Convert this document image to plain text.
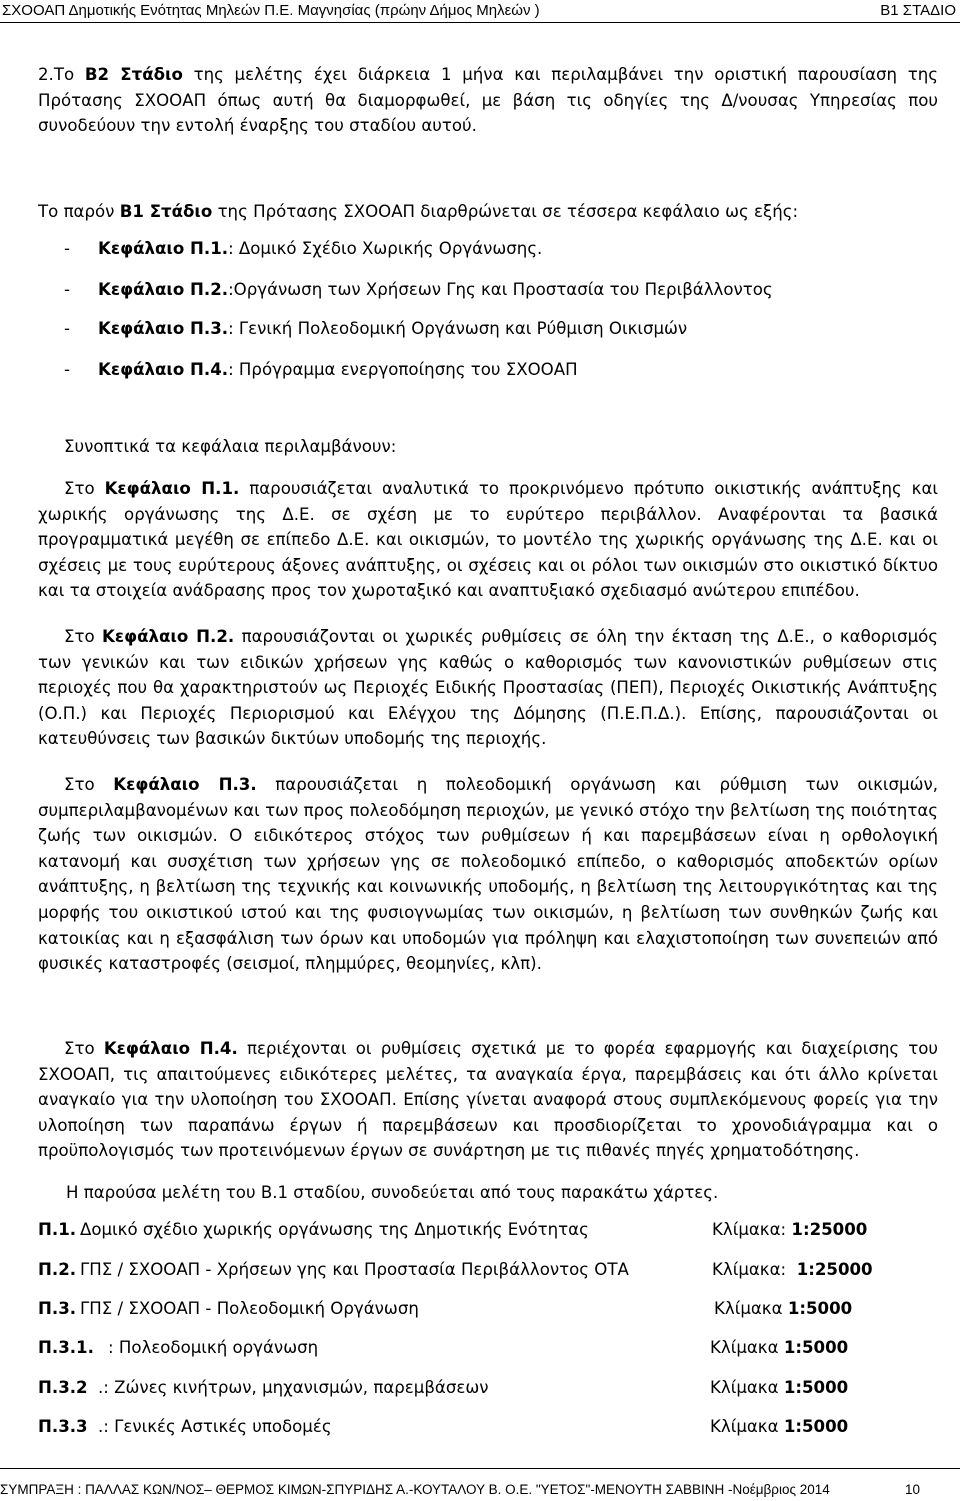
ΣΧΟΟΑΠ Δημοτικής Ενότητας Μηλεών Π.Ε. Μαγνησίας (πρώην Δήμος Μηλεών )	Β1 ΣΤΑΔΙΟ

2.Το Β2 Στάδιο της μελέτης έχει διάρκεια 1 μήνα και περιλαμβάνει την οριστική παρουσίαση της Πρότασης ΣΧΟΟΑΠ όπως αυτή θα διαμορφωθεί, με βάση τις οδηγίες της Δ/νουσας Υπηρεσίας που συνοδεύουν την εντολή έναρξης του σταδίου αυτού.

Το παρόν Β1 Στάδιο της Πρότασης ΣΧΟΟΑΠ διαρθρώνεται σε τέσσερα κεφάλαιο ως εξής:
- Κεφάλαιο Π.1.: Δομικό Σχέδιο Χωρικής Οργάνωσης.
- Κεφάλαιο Π.2.:Οργάνωση των Χρήσεων Γης και Προστασία του Περιβάλλοντος
- Κεφάλαιο Π.3.: Γενική Πολεοδομική Οργάνωση και Ρύθμιση Οικισμών
- Κεφάλαιο Π.4.: Πρόγραμμα ενεργοποίησης του ΣΧΟΟΑΠ
Συνοπτικά τα κεφάλαια περιλαμβάνουν:

Στο Κεφάλαιο Π.1. παρουσιάζεται αναλυτικά το προκρινόμενο πρότυπο οικιστικής ανάπτυξης και χωρικής οργάνωσης της Δ.Ε. σε σχέση με το ευρύτερο περιβάλλον. Αναφέρονται τα βασικά προγραμματικά μεγέθη σε επίπεδο Δ.Ε. και οικισμών, το μοντέλο της χωρικής οργάνωσης της Δ.Ε. και οι σχέσεις με τους ευρύτερους άξονες ανάπτυξης, οι σχέσεις και οι ρόλοι των οικισμών στο οικιστικό δίκτυο και τα στοιχεία ανάδρασης προς τον χωροταξικό και αναπτυξιακό σχεδιασμό ανώτερου επιπέδου.

Στο Κεφάλαιο Π.2. παρουσιάζονται οι χωρικές ρυθμίσεις σε όλη την έκταση της Δ.Ε., ο καθορισμός των γενικών και των ειδικών χρήσεων γης καθώς ο καθορισμός των κανονιστικών ρυθμίσεων στις περιοχές που θα χαρακτηριστούν ως Περιοχές Ειδικής Προστασίας (ΠΕΠ), Περιοχές Οικιστικής Ανάπτυξης (Ο.Π.) και Περιοχές Περιορισμού και Ελέγχου της Δόμησης (Π.Ε.Π.Δ.). Επίσης, παρουσιάζονται οι κατευθύνσεις των βασικών δικτύων υποδομής της περιοχής.

Στο Κεφάλαιο Π.3. παρουσιάζεται η πολεοδομική οργάνωση και ρύθμιση των οικισμών, συμπεριλαμβανομένων και των προς πολεοδόμηση περιοχών, με γενικό στόχο την βελτίωση της ποιότητας ζωής των οικισμών. Ο ειδικότερος στόχος των ρυθμίσεων ή και παρεμβάσεων είναι η ορθολογική κατανομή και συσχέτιση των χρήσεων γης σε πολεοδομικό επίπεδο, ο καθορισμός αποδεκτών ορίων ανάπτυξης, η βελτίωση της τεχνικής και κοινωνικής υποδομής, η βελτίωση της λειτουργικότητας και της μορφής του οικιστικού ιστού και της φυσιογνωμίας των οικισμών, η βελτίωση των συνθηκών ζωής και κατοικίας και η εξασφάλιση των όρων και υποδομών για πρόληψη και ελαχιστοποίηση των συνεπειών από φυσικές καταστροφές (σεισμοί, πλημμύρες, θεομηνίες, κλπ).

Στο Κεφάλαιο Π.4. περιέχονται οι ρυθμίσεις σχετικά με το φορέα εφαρμογής και διαχείρισης του ΣΧΟΟΑΠ, τις απαιτούμενες ειδικότερες μελέτες, τα αναγκαία έργα, παρεμβάσεις και ότι άλλο κρίνεται αναγκαίο για την υλοποίηση του ΣΧΟΟΑΠ. Επίσης γίνεται αναφορά στους συμπλεκόμενους φορείς για την υλοποίηση των παραπάνω έργων ή παρεμβάσεων και προσδιορίζεται το χρονοδιάγραμμα και ο προϋπολογισμός των προτεινόμενων έργων σε συνάρτηση με τις πιθανές πηγές χρηματοδότησης.

Η παρούσα μελέτη του Β.1 σταδίου, συνοδεύεται από τους παρακάτω χάρτες.
Π.1. Δομικό σχέδιο χωρικής οργάνωσης της Δημοτικής Ενότητας	Κλίμακα: 1:25000
Π.2. ΓΠΣ / ΣΧΟΟΑΠ - Χρήσεων γης και Προστασία Περιβάλλοντος ΟΤΑ	Κλίμακα: 1:25000
Π.3. ΓΠΣ / ΣΧΟΟΑΠ - Πολεοδομική Οργάνωση	Κλίμακα 1:5000
Π.3.1. : Πολεοδομική οργάνωση	Κλίμακα 1:5000
Π.3.2 .: Ζώνες κινήτρων, μηχανισμών, παρεμβάσεων	Κλίμακα 1:5000
Π.3.3 .: Γενικές Αστικές υποδομές	Κλίμακα 1:5000
ΣΥΜΠΡΑΞΗ : ΠΑΛΛΑΣ ΚΩΝ/ΝΟΣ– ΘΕΡΜΟΣ ΚΙΜΩΝ-ΣΠΥΡΙΔΗΣ Α.-ΚΟΥΤΑΛΟΥ Β. Ο.Ε. "ΥΕΤΟΣ"-ΜΕΝΟΥΤΗ ΣΑΒΒΙΝΗ -Νοέμβριος 2014	10
